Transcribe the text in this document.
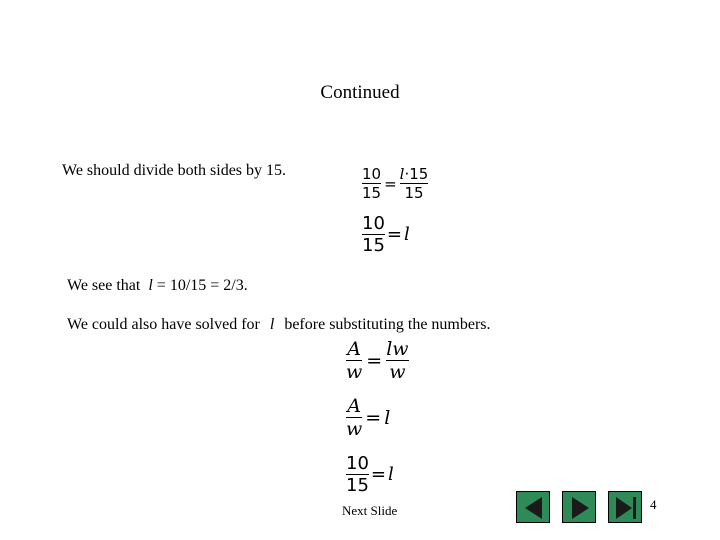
Continued
We should divide both sides by 15.	$\frac{10}{15} = \frac{l\cdot 15}{15}$
$\frac{10}{15} = l$
We see that l = 10/15 = 2/3.
We could also have solved for l before substituting the numbers.
$\frac{A}{w} = \frac{lw}{w}$
$\frac{A}{w} = l$
$\frac{10}{15} = l$
Next Slide	4
